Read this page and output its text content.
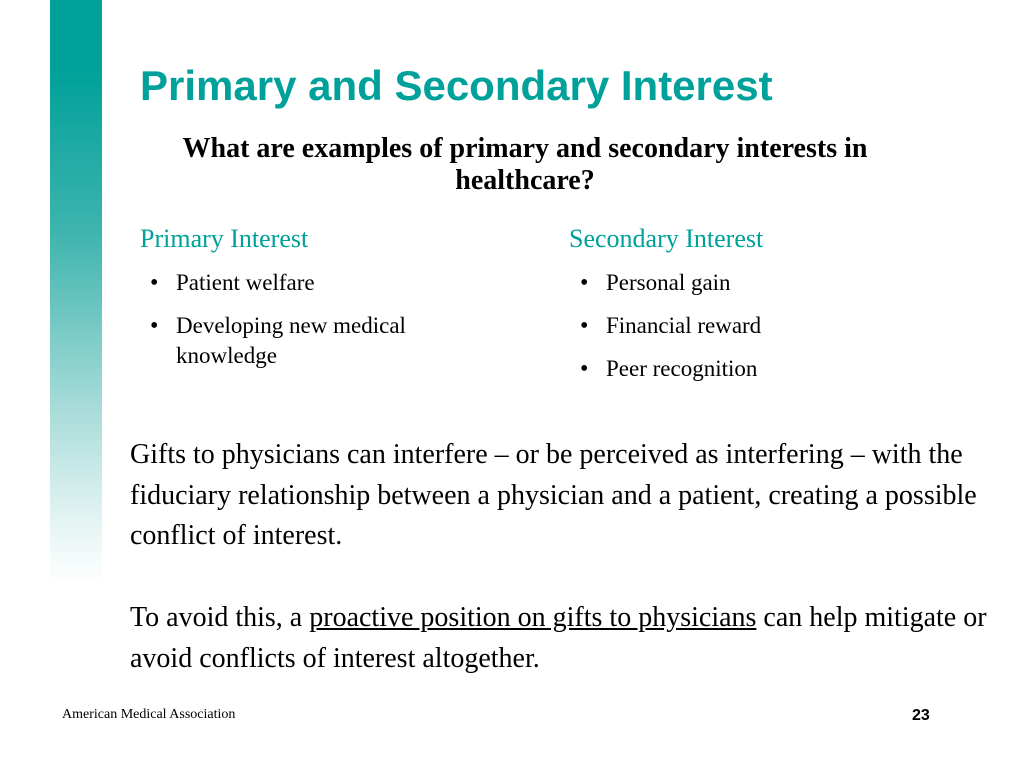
Primary and Secondary Interest

What are examples of primary and secondary interests in healthcare?

Primary Interest
• Patient welfare
• Developing new medical knowledge
Secondary Interest
• Personal gain
• Financial reward
• Peer recognition

Gifts to physicians can interfere – or be perceived as interfering – with the fiduciary relationship between a physician and a patient, creating a possible conflict of interest.

To avoid this, a proactive position on gifts to physicians can help mitigate or avoid conflicts of interest altogether.

American Medical Association	23
